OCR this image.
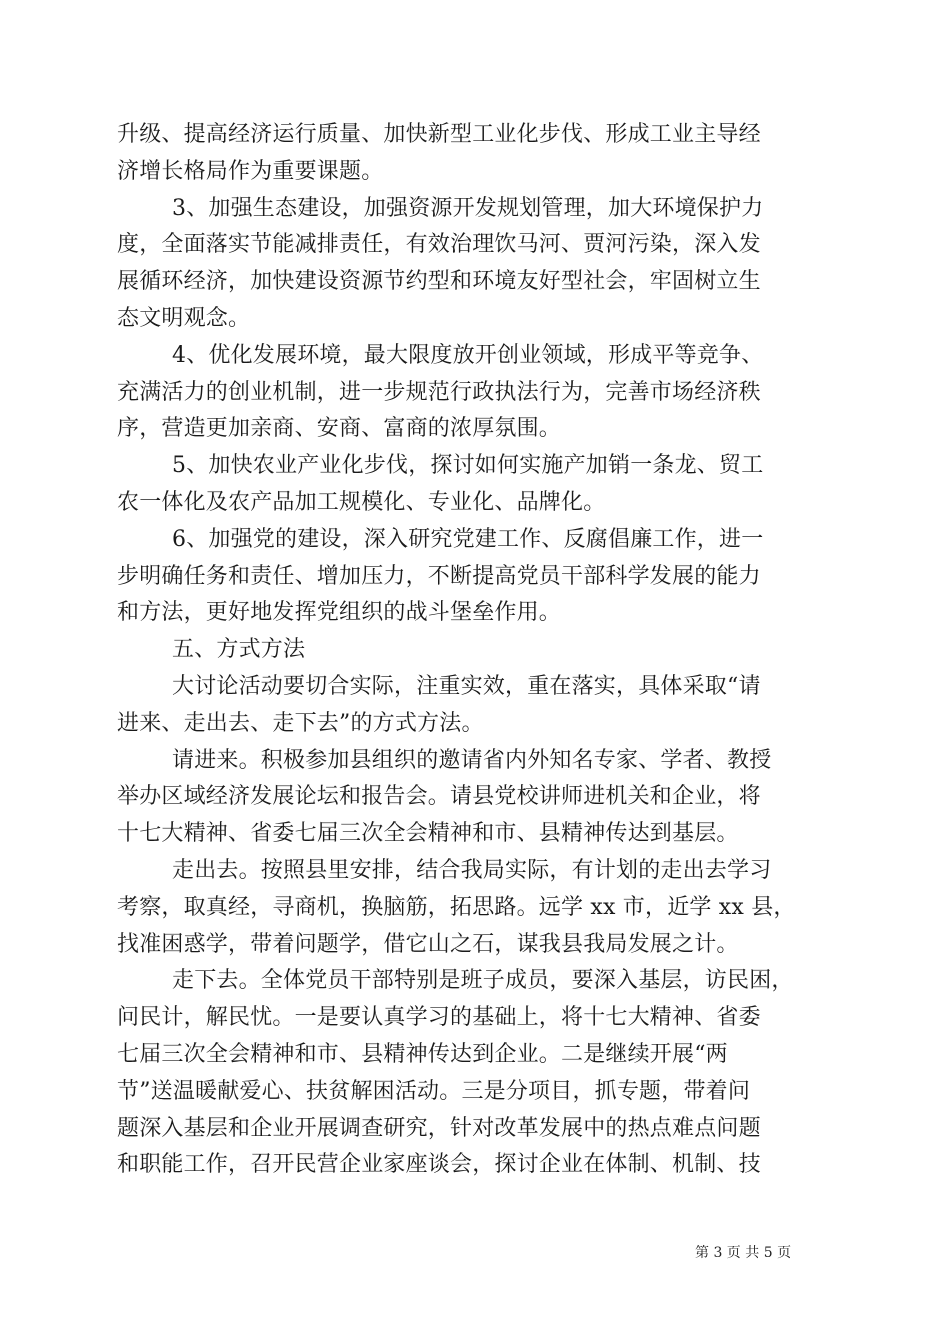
升级、提高经济运行质量、加快新型工业化步伐、形成工业主导经
济增长格局作为重要课题。
3、加强生态建设，加强资源开发规划管理，加大环境保护力
度，全面落实节能减排责任，有效治理饮马河、贾河污染，深入发
展循环经济，加快建设资源节约型和环境友好型社会，牢固树立生
态文明观念。
4、优化发展环境，最大限度放开创业领域，形成平等竞争、
充满活力的创业机制，进一步规范行政执法行为，完善市场经济秩
序，营造更加亲商、安商、富商的浓厚氛围。
5、加快农业产业化步伐，探讨如何实施产加销一条龙、贸工
农一体化及农产品加工规模化、专业化、品牌化。
6、加强党的建设，深入研究党建工作、反腐倡廉工作，进一
步明确任务和责任、增加压力，不断提高党员干部科学发展的能力
和方法，更好地发挥党组织的战斗堡垒作用。
五、方式方法
大讨论活动要切合实际，注重实效，重在落实，具体采取“请
进来、走出去、走下去”的方式方法。
请进来。积极参加县组织的邀请省内外知名专家、学者、教授
举办区域经济发展论坛和报告会。请县党校讲师进机关和企业，将
十七大精神、省委七届三次全会精神和市、县精神传达到基层。
走出去。按照县里安排，结合我局实际，有计划的走出去学习
考察，取真经，寻商机，换脑筋，拓思路。远学 xx 市，近学 xx 县，
找准困惑学，带着问题学，借它山之石，谋我县我局发展之计。
走下去。全体党员干部特别是班子成员，要深入基层，访民困，
问民计，解民忧。一是要认真学习的基础上，将十七大精神、省委
七届三次全会精神和市、县精神传达到企业。二是继续开展“两
节”送温暖献爱心、扶贫解困活动。三是分项目，抓专题，带着问
题深入基层和企业开展调查研究，针对改革发展中的热点难点问题
和职能工作，召开民营企业家座谈会，探讨企业在体制、机制、技
第 3 页 共 5 页
